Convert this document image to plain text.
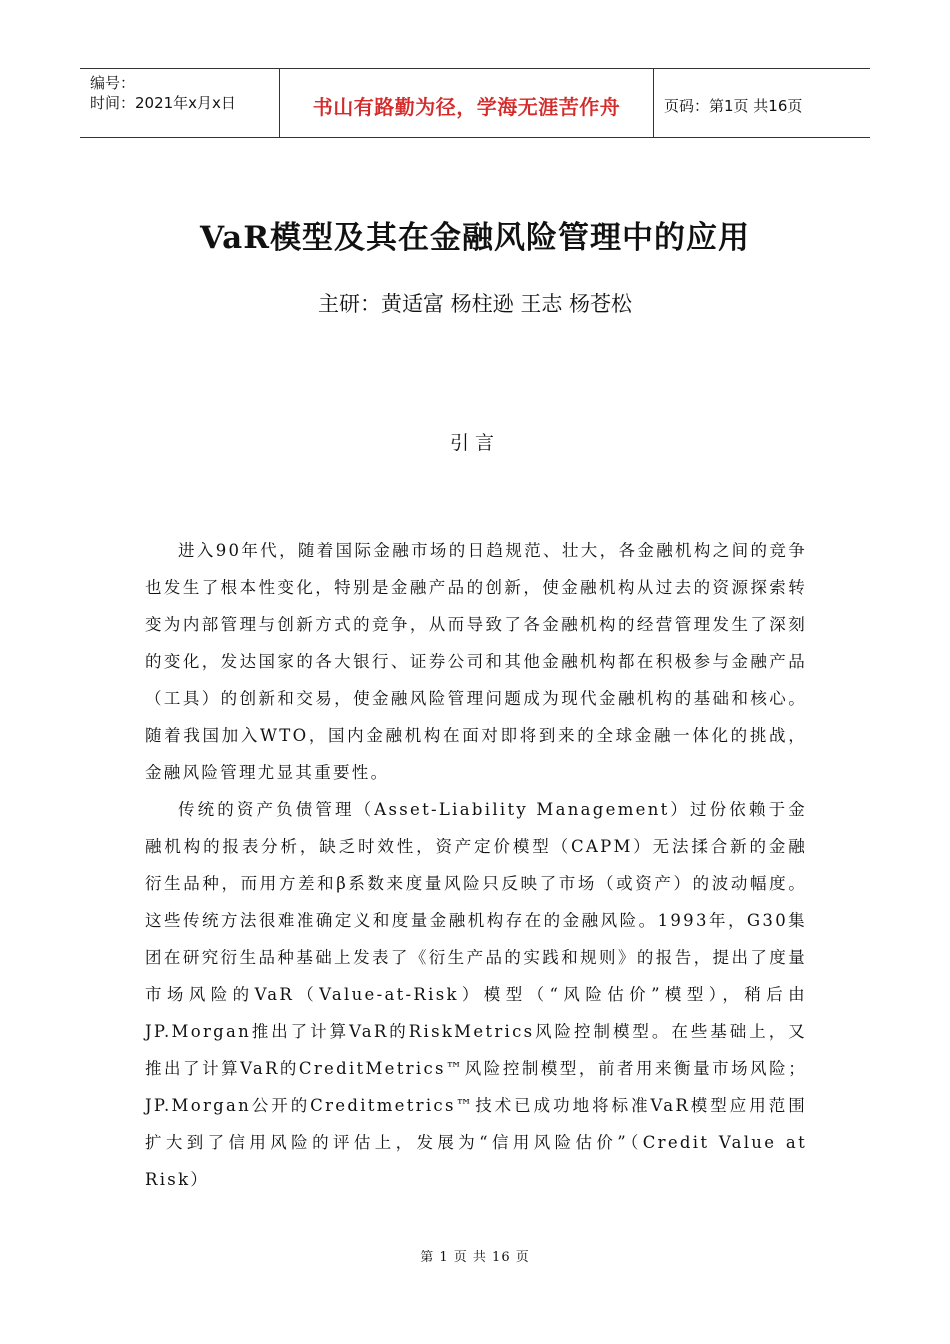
编号：
时间：2021年x月x日	书山有路勤为径，学海无涯苦作舟	页码：第1页 共16页
VaR模型及其在金融风险管理中的应用
主研：黄适富 杨柱逊 王志 杨苍松
引言

进入90年代，随着国际金融市场的日趋规范、壮大，各金融机构之间的竞争也发生了根本性变化，特别是金融产品的创新，使金融机构从过去的资源探索转变为内部管理与创新方式的竞争，从而导致了各金融机构的经营管理发生了深刻的变化，发达国家的各大银行、证券公司和其他金融机构都在积极参与金融产品（工具）的创新和交易，使金融风险管理问题成为现代金融机构的基础和核心。随着我国加入WTO，国内金融机构在面对即将到来的全球金融一体化的挑战，金融风险管理尤显其重要性。

传统的资产负债管理（Asset-Liability Management）过份依赖于金融机构的报表分析，缺乏时效性，资产定价模型（CAPM）无法揉合新的金融衍生品种，而用方差和β系数来度量风险只反映了市场（或资产）的波动幅度。这些传统方法很难准确定义和度量金融机构存在的金融风险。1993年，G30集团在研究衍生品种基础上发表了《衍生产品的实践和规则》的报告，提出了度量市场风险的VaR（Value-at-Risk）模型（“风险估价”模型），稍后由JP.Morgan推出了计算VaR的RiskMetrics风险控制模型。在些基础上，又推出了计算VaR的CreditMetrics™风险控制模型，前者用来衡量市场风险；JP.Morgan公开的Creditmetrics™技术已成功地将标准VaR模型应用范围扩大到了信用风险的评估上，发展为“信用风险估价”（Credit Value at Risk）

第 1 页 共 16 页
